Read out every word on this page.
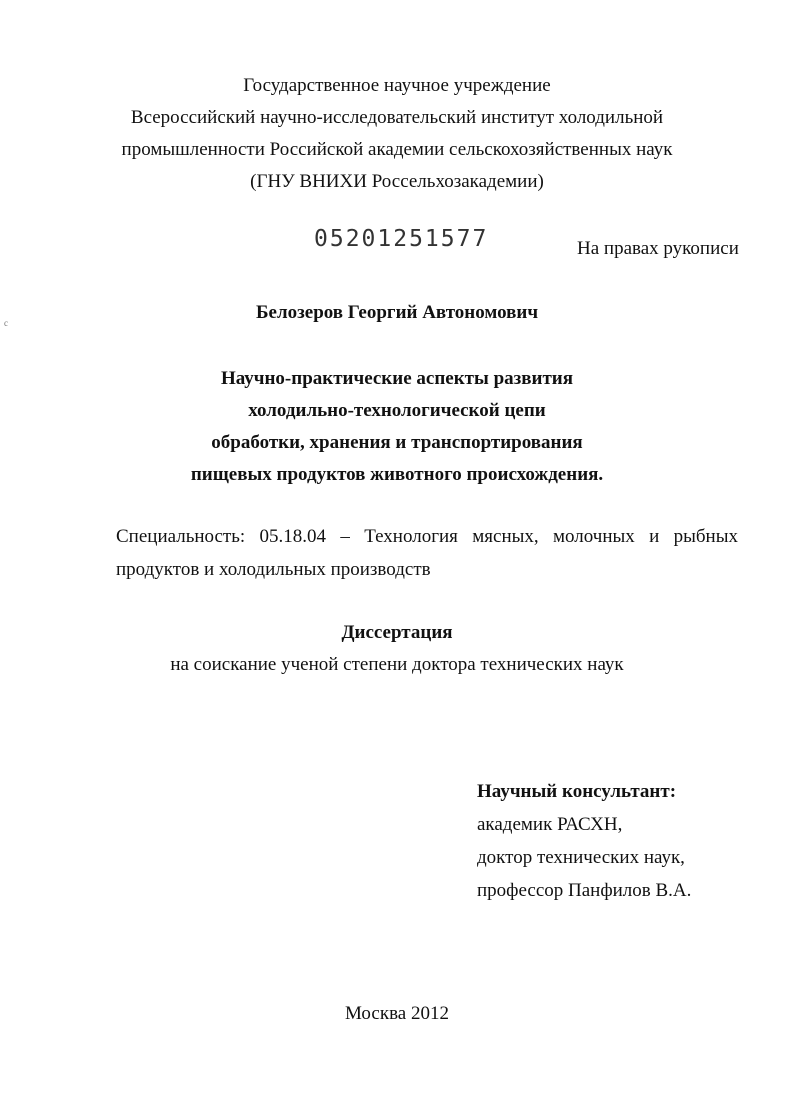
c
Государственное научное учреждение
Всероссийский научно-исследовательский институт холодильной
промышленности Российской академии сельскохозяйственных наук
(ГНУ ВНИХИ Россельхозакадемии)
05201251577	На правах рукописи
Белозеров Георгий Автономович
Научно-практические аспекты развития
холодильно-технологической цепи
обработки, хранения и транспортирования
пищевых продуктов животного происхождения.
Специальность: 05.18.04 – Технология мясных, молочных и рыбных
продуктов и холодильных производств
Диссертация
на соискание ученой степени доктора технических наук
Научный консультант:
академик РАСХН,
доктор технических наук,
профессор Панфилов В.А.
Москва 2012
